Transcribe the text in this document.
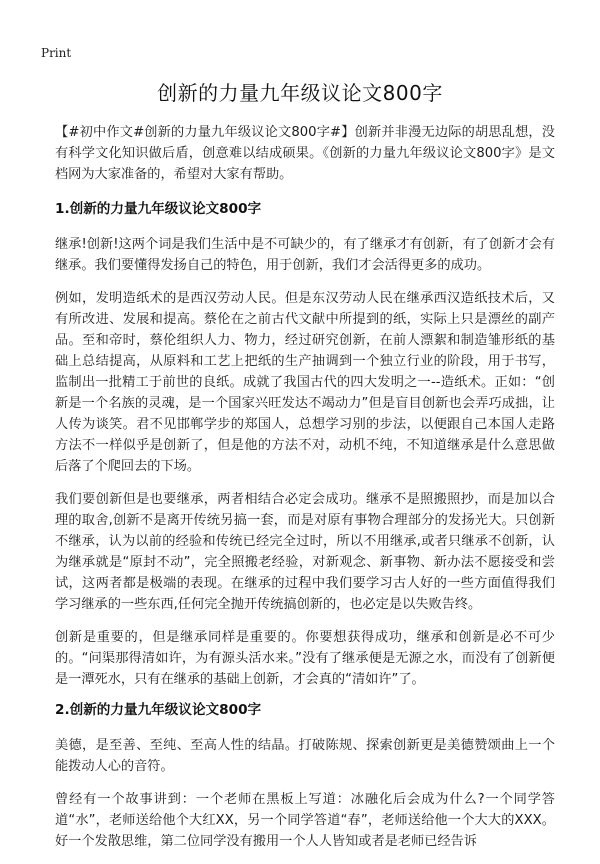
Print
创新的力量九年级议论文800字

【#初中作文#创新的力量九年级议论文800字#】创新并非漫无边际的胡思乱想，没有科学文化知识做后盾，创意难以结成硕果。《创新的力量九年级议论文800字》是文档网为大家准备的，希望对大家有帮助。

1.创新的力量九年级议论文800字

继承!创新!这两个词是我们生活中是不可缺少的，有了继承才有创新，有了创新才会有继承。我们要懂得发扬自己的特色，用于创新，我们才会活得更多的成功。

例如，发明造纸术的是西汉劳动人民。但是东汉劳动人民在继承西汉造纸技术后，又有所改进、发展和提高。蔡伦在之前古代文献中所提到的纸，实际上只是漂丝的副产品。至和帝时，蔡伦组织人力、物力，经过研究创新，在前人漂絮和制造雏形纸的基础上总结提高，从原料和工艺上把纸的生产抽调到一个独立行业的阶段，用于书写，监制出一批精工于前世的良纸。成就了我国古代的四大发明之一--造纸术。正如：“创新是一个名族的灵魂，是一个国家兴旺发达不竭动力”但是盲目创新也会弄巧成拙，让人传为谈笑。君不见邯郸学步的郑国人，总想学习别的步法，以便跟自己本国人走路方法不一样似乎是创新了，但是他的方法不对，动机不纯，不知道继承是什么意思做后落了个爬回去的下场。

我们要创新但是也要继承，两者相结合必定会成功。继承不是照搬照抄，而是加以合理的取舍,创新不是离开传统另搞一套，而是对原有事物合理部分的发扬光大。只创新不继承，认为以前的经验和传统已经完全过时，所以不用继承,或者只继承不创新，认为继承就是“原封不动”，完全照搬老经验，对新观念、新事物、新办法不愿接受和尝试，这两者都是极端的表现。在继承的过程中我们要学习古人好的一些方面值得我们学习继承的一些东西,任何完全抛开传统搞创新的，也必定是以失败告终。

创新是重要的，但是继承同样是重要的。你要想获得成功，继承和创新是必不可少的。“问渠那得清如许，为有源头活水来。”没有了继承便是无源之水，而没有了创新便是一潭死水，只有在继承的基础上创新，才会真的“清如许”了。

2.创新的力量九年级议论文800字

美德，是至善、至纯、至高人性的结晶。打破陈规、探索创新更是美德赞颂曲上一个能拨动人心的音符。

曾经有一个故事讲到：一个老师在黑板上写道：冰融化后会成为什么?一个同学答道“水”，老师送给他个大红XX，另一个同学答道“春”，老师送给他一个大大的XXX。好一个发散思维，第二位同学没有搬用一个人人皆知或者是老师已经告诉
